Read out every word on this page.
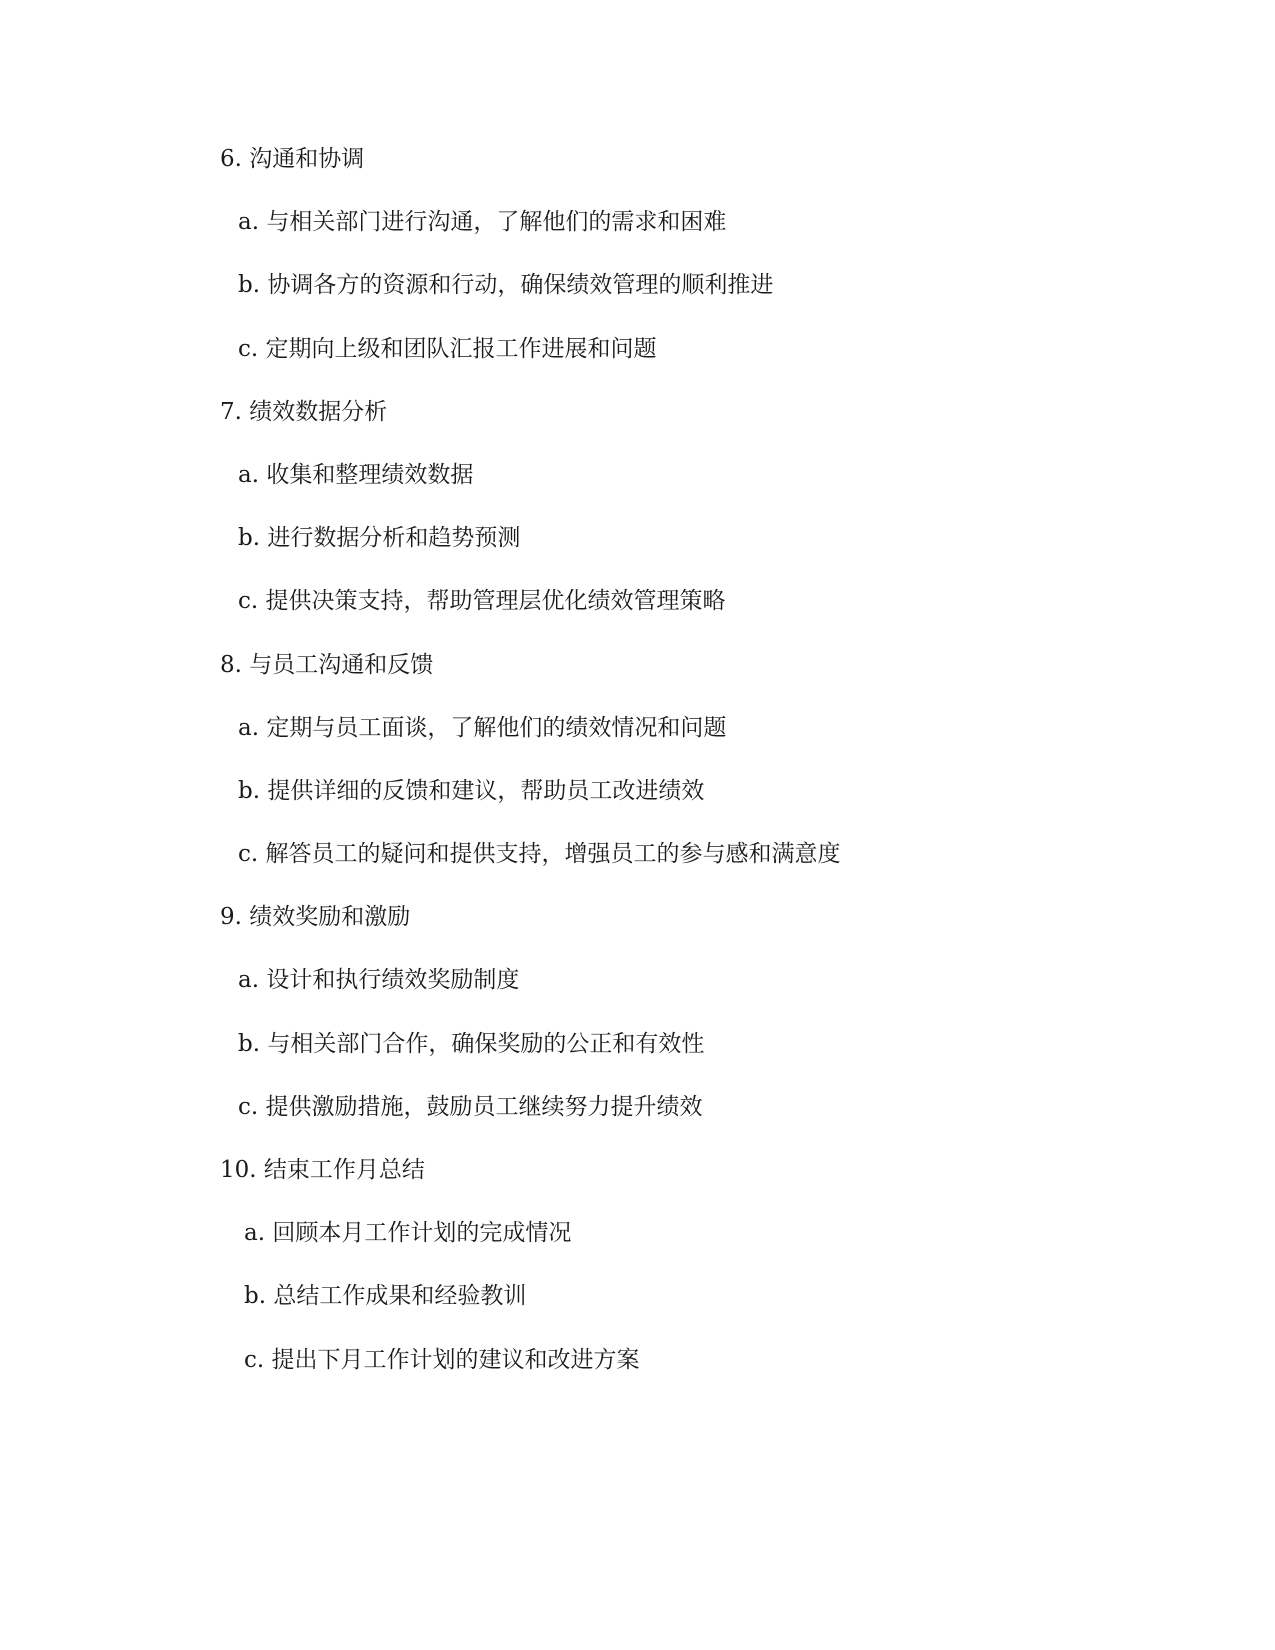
6. 沟通和协调
a. 与相关部门进行沟通，了解他们的需求和困难
b. 协调各方的资源和行动，确保绩效管理的顺利推进
c. 定期向上级和团队汇报工作进展和问题
7. 绩效数据分析
a. 收集和整理绩效数据
b. 进行数据分析和趋势预测
c. 提供决策支持，帮助管理层优化绩效管理策略
8. 与员工沟通和反馈
a. 定期与员工面谈，了解他们的绩效情况和问题
b. 提供详细的反馈和建议，帮助员工改进绩效
c. 解答员工的疑问和提供支持，增强员工的参与感和满意度
9. 绩效奖励和激励
a. 设计和执行绩效奖励制度
b. 与相关部门合作，确保奖励的公正和有效性
c. 提供激励措施，鼓励员工继续努力提升绩效
10. 结束工作月总结
a. 回顾本月工作计划的完成情况
b. 总结工作成果和经验教训
c. 提出下月工作计划的建议和改进方案
